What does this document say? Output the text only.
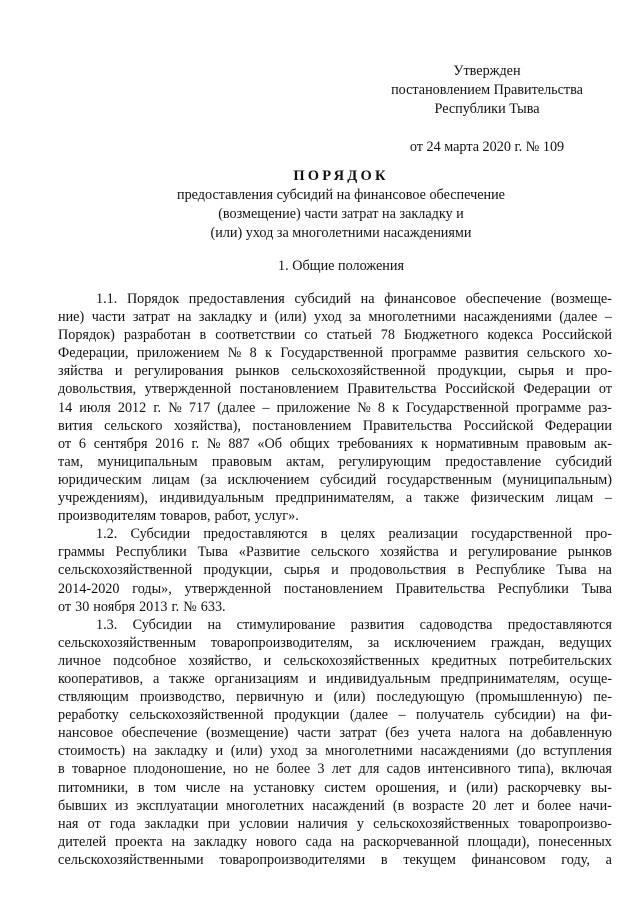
Утвержден
постановлением Правительства
Республики Тыва
от 24 марта 2020 г. № 109
ПОРЯДОК
предоставления субсидий на финансовое обеспечение
(возмещение) части затрат на закладку и
(или) уход за многолетними насаждениями
1. Общие положения
1.1. Порядок предоставления субсидий на финансовое обеспечение (возмеще-
ние) части затрат на закладку и (или) уход за многолетними насаждениями (далее –
Порядок) разработан в соответствии со статьей 78 Бюджетного кодекса Российской
Федерации, приложением № 8 к Государственной программе развития сельского хо-
зяйства и регулирования рынков сельскохозяйственной продукции, сырья и про-
довольствия, утвержденной постановлением Правительства Российской Федерации от
14 июля 2012 г. № 717 (далее – приложение № 8 к Государственной программе раз-
вития сельского хозяйства), постановлением Правительства Российской Федерации
от 6 сентября 2016 г. № 887 «Об общих требованиях к нормативным правовым ак-
там, муниципальным правовым актам, регулирующим предоставление субсидий
юридическим лицам (за исключением субсидий государственным (муниципальным)
учреждениям), индивидуальным предпринимателям, а также физическим лицам –
производителям товаров, работ, услуг».
1.2. Субсидии предоставляются в целях реализации государственной про-
граммы Республики Тыва «Развитие сельского хозяйства и регулирование рынков
сельскохозяйственной продукции, сырья и продовольствия в Республике Тыва на
2014-2020 годы», утвержденной постановлением Правительства Республики Тыва
от 30 ноября 2013 г. № 633.
1.3. Субсидии на стимулирование развития садоводства предоставляются
сельскохозяйственным товаропроизводителям, за исключением граждан, ведущих
личное подсобное хозяйство, и сельскохозяйственных кредитных потребительских
кооперативов, а также организациям и индивидуальным предпринимателям, осуще-
ствляющим производство, первичную и (или) последующую (промышленную) пе-
реработку сельскохозяйственной продукции (далее – получатель субсидии) на фи-
нансовое обеспечение (возмещение) части затрат (без учета налога на добавленную
стоимость) на закладку и (или) уход за многолетними насаждениями (до вступления
в товарное плодоношение, но не более 3 лет для садов интенсивного типа), включая
питомники, в том числе на установку систем орошения, и (или) раскорчевку вы-
бывших из эксплуатации многолетних насаждений (в возрасте 20 лет и более начи-
ная от года закладки при условии наличия у сельскохозяйственных товаропроизво-
дителей проекта на закладку нового сада на раскорчеванной площади), понесенных
сельскохозяйственными товаропроизводителями в текущем финансовом году, а
